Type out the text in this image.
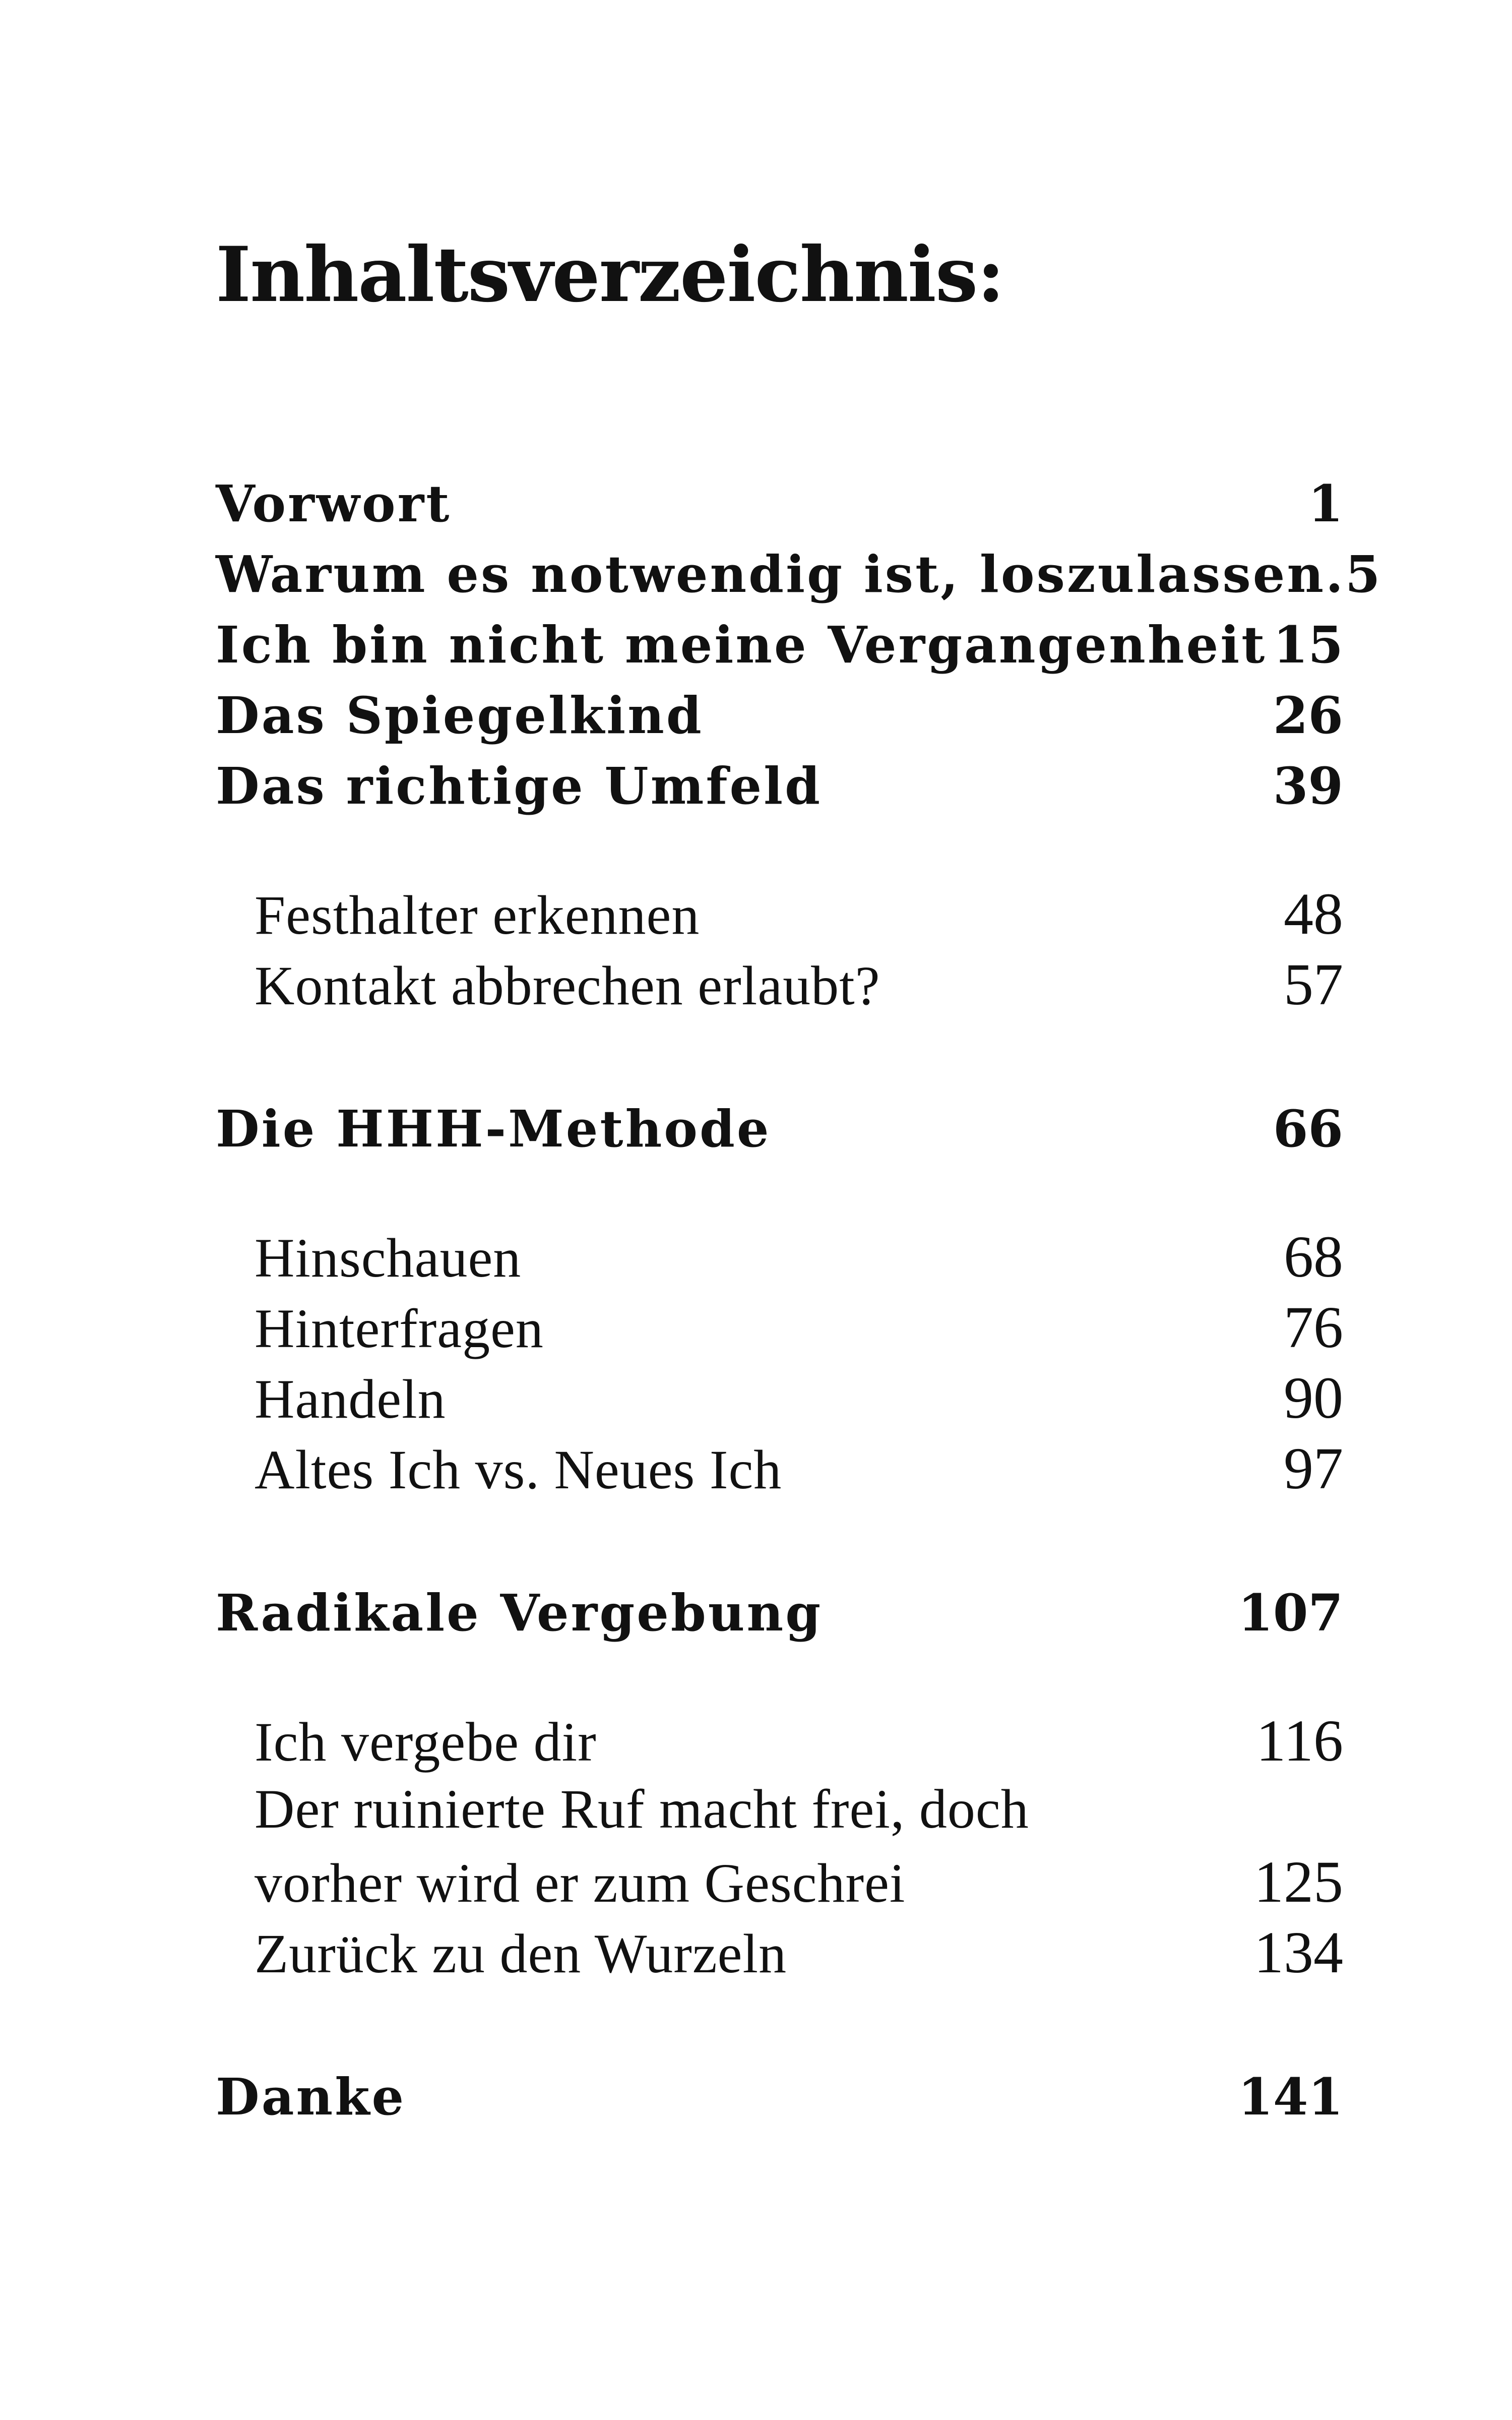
Inhaltsverzeichnis:
Vorwort	1
Warum es notwendig ist, loszulassen. 5
Ich bin nicht meine Vergangenheit 15
Das Spiegelkind	26
Das richtige Umfeld	39
Festhalter erkennen	48
Kontakt abbrechen erlaubt?	57
Die HHH-Methode	66
Hinschauen	68
Hinterfragen	76
Handeln	90
Altes Ich vs. Neues Ich	97
Radikale Vergebung	107
Ich vergebe dir	116
Der ruinierte Ruf macht frei, doch
vorher wird er zum Geschrei	125
Zurück zu den Wurzeln	134
Danke	141
